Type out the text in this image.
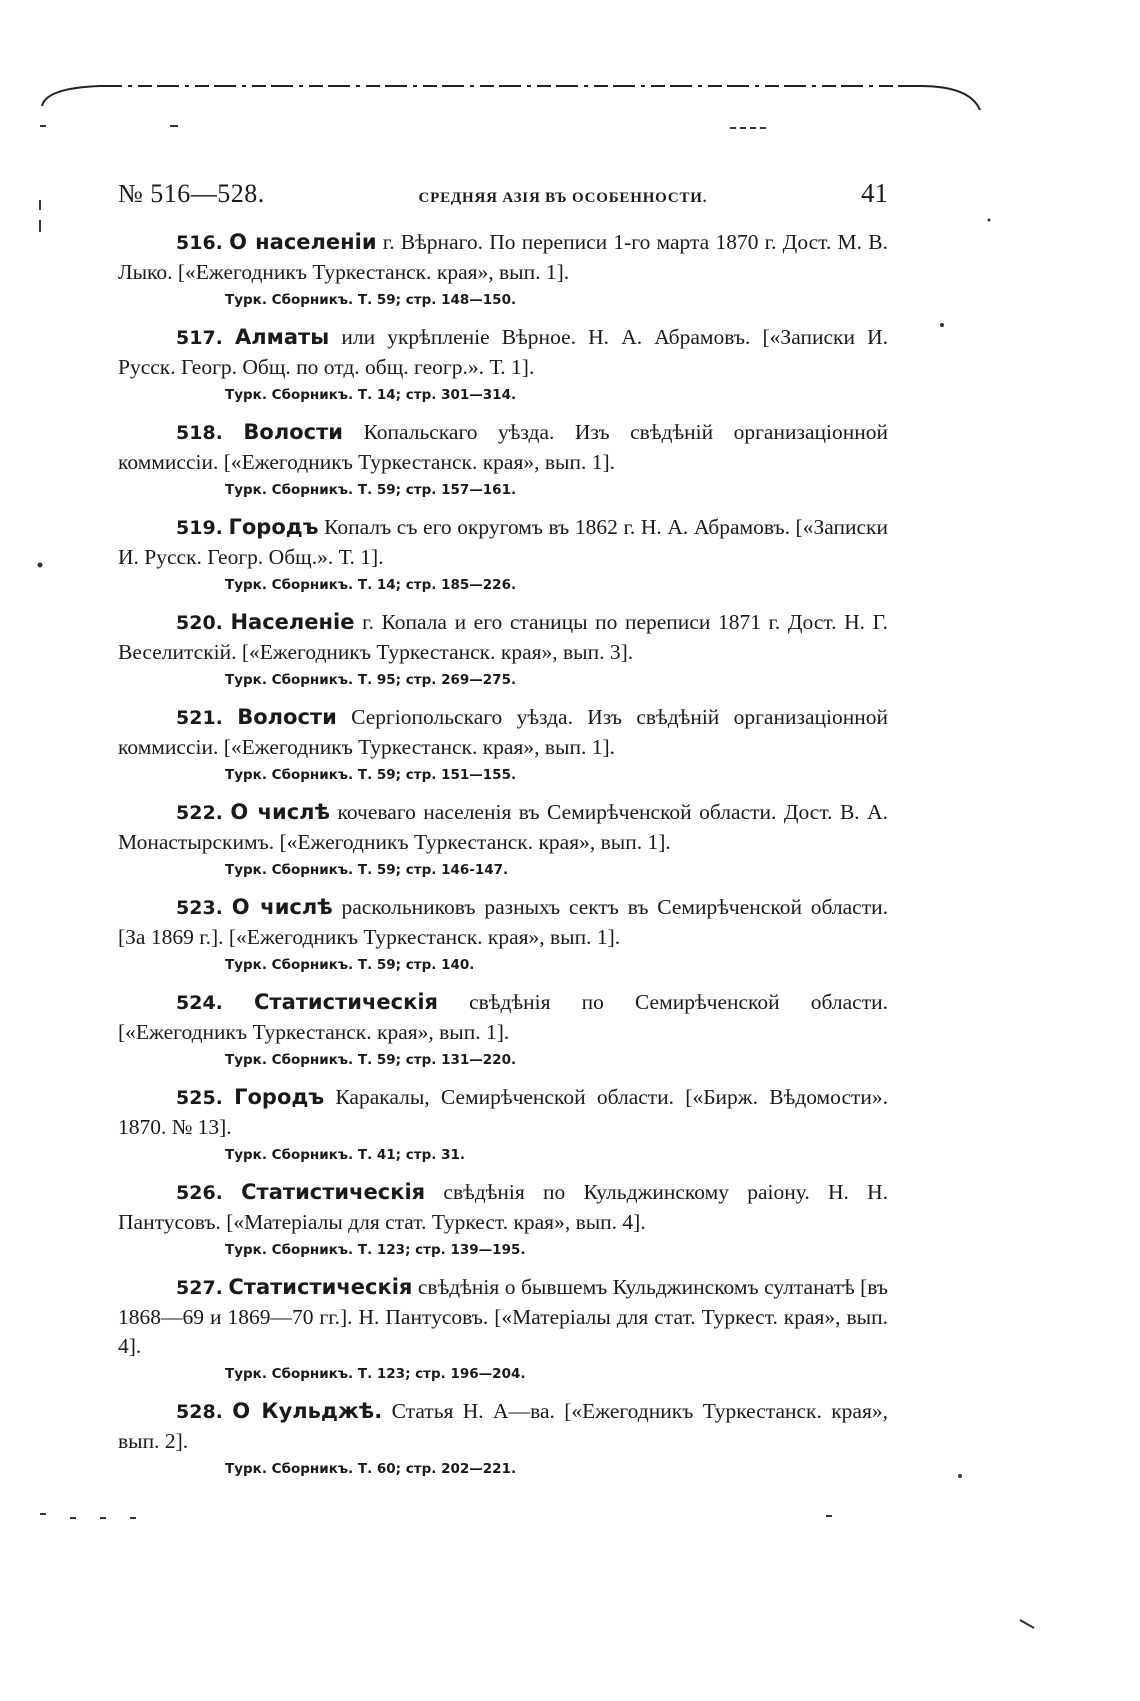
№ 516—528.	СРЕДНЯЯ АЗІЯ ВЪ ОСОБЕННОСТИ.	41

516. О населеніи г. Вѣрнаго. По переписи 1-го марта 1870 г. Дост. М. В. Лыко. [«Ежегодникъ Туркестанск. края», вып. 1].

Турк. Сборникъ. Т. 59; стр. 148—150.

517. Алматы или укрѣпленіе Вѣрное. Н. А. Абрамовъ. [«Записки И. Русск. Геогр. Общ. по отд. общ. геогр.». Т. 1].

Турк. Сборникъ. Т. 14; стр. 301—314.

518. Волости Копальскаго уѣзда. Изъ свѣдѣній организаціонной коммиссіи. [«Ежегодникъ Туркестанск. края», вып. 1].

Турк. Сборникъ. Т. 59; стр. 157—161.

519. Городъ Копалъ съ его округомъ въ 1862 г. Н. А. Абрамовъ. [«Записки И. Русск. Геогр. Общ.». Т. 1].

Турк. Сборникъ. Т. 14; стр. 185—226.

520. Населеніе г. Копала и его станицы по переписи 1871 г. Дост. Н. Г. Веселитскій. [«Ежегодникъ Туркестанск. края», вып. 3].

Турк. Сборникъ. Т. 95; стр. 269—275.

521. Волости Сергіопольскаго уѣзда. Изъ свѣдѣній организаціонной коммиссіи. [«Ежегодникъ Туркестанск. края», вып. 1].

Турк. Сборникъ. Т. 59; стр. 151—155.

522. О числѣ кочеваго населенія въ Семирѣченской области. Дост. В. А. Монастырскимъ. [«Ежегодникъ Туркестанск. края», вып. 1].

Турк. Сборникъ. Т. 59; стр. 146-147.

523. О числѣ раскольниковъ разныхъ сектъ въ Семирѣченской области. [За 1869 г.]. [«Ежегодникъ Туркестанск. края», вып. 1].

Турк. Сборникъ. Т. 59; стр. 140.

524. Статистическія свѣдѣнія по Семирѣченской области. [«Ежегодникъ Туркестанск. края», вып. 1].

Турк. Сборникъ. Т. 59; стр. 131—220.

525. Городъ Каракалы, Семирѣченской области. [«Бирж. Вѣдомости». 1870. № 13].

Турк. Сборникъ. Т. 41; стр. 31.

526. Статистическія свѣдѣнія по Кульджинскому раіону. Н. Н. Пантусовъ. [«Матеріалы для стат. Туркест. края», вып. 4].

Турк. Сборникъ. Т. 123; стр. 139—195.

527. Статистическія свѣдѣнія о бывшемъ Кульджинскомъ султанатѣ [въ 1868—69 и 1869—70 гг.]. Н. Пантусовъ. [«Матеріалы для стат. Туркест. края», вып. 4].

Турк. Сборникъ. Т. 123; стр. 196—204.

528. О Кульджѣ. Статья Н. А—ва. [«Ежегодникъ Туркестанск. края», вып. 2].

Турк. Сборникъ. Т. 60; стр. 202—221.
